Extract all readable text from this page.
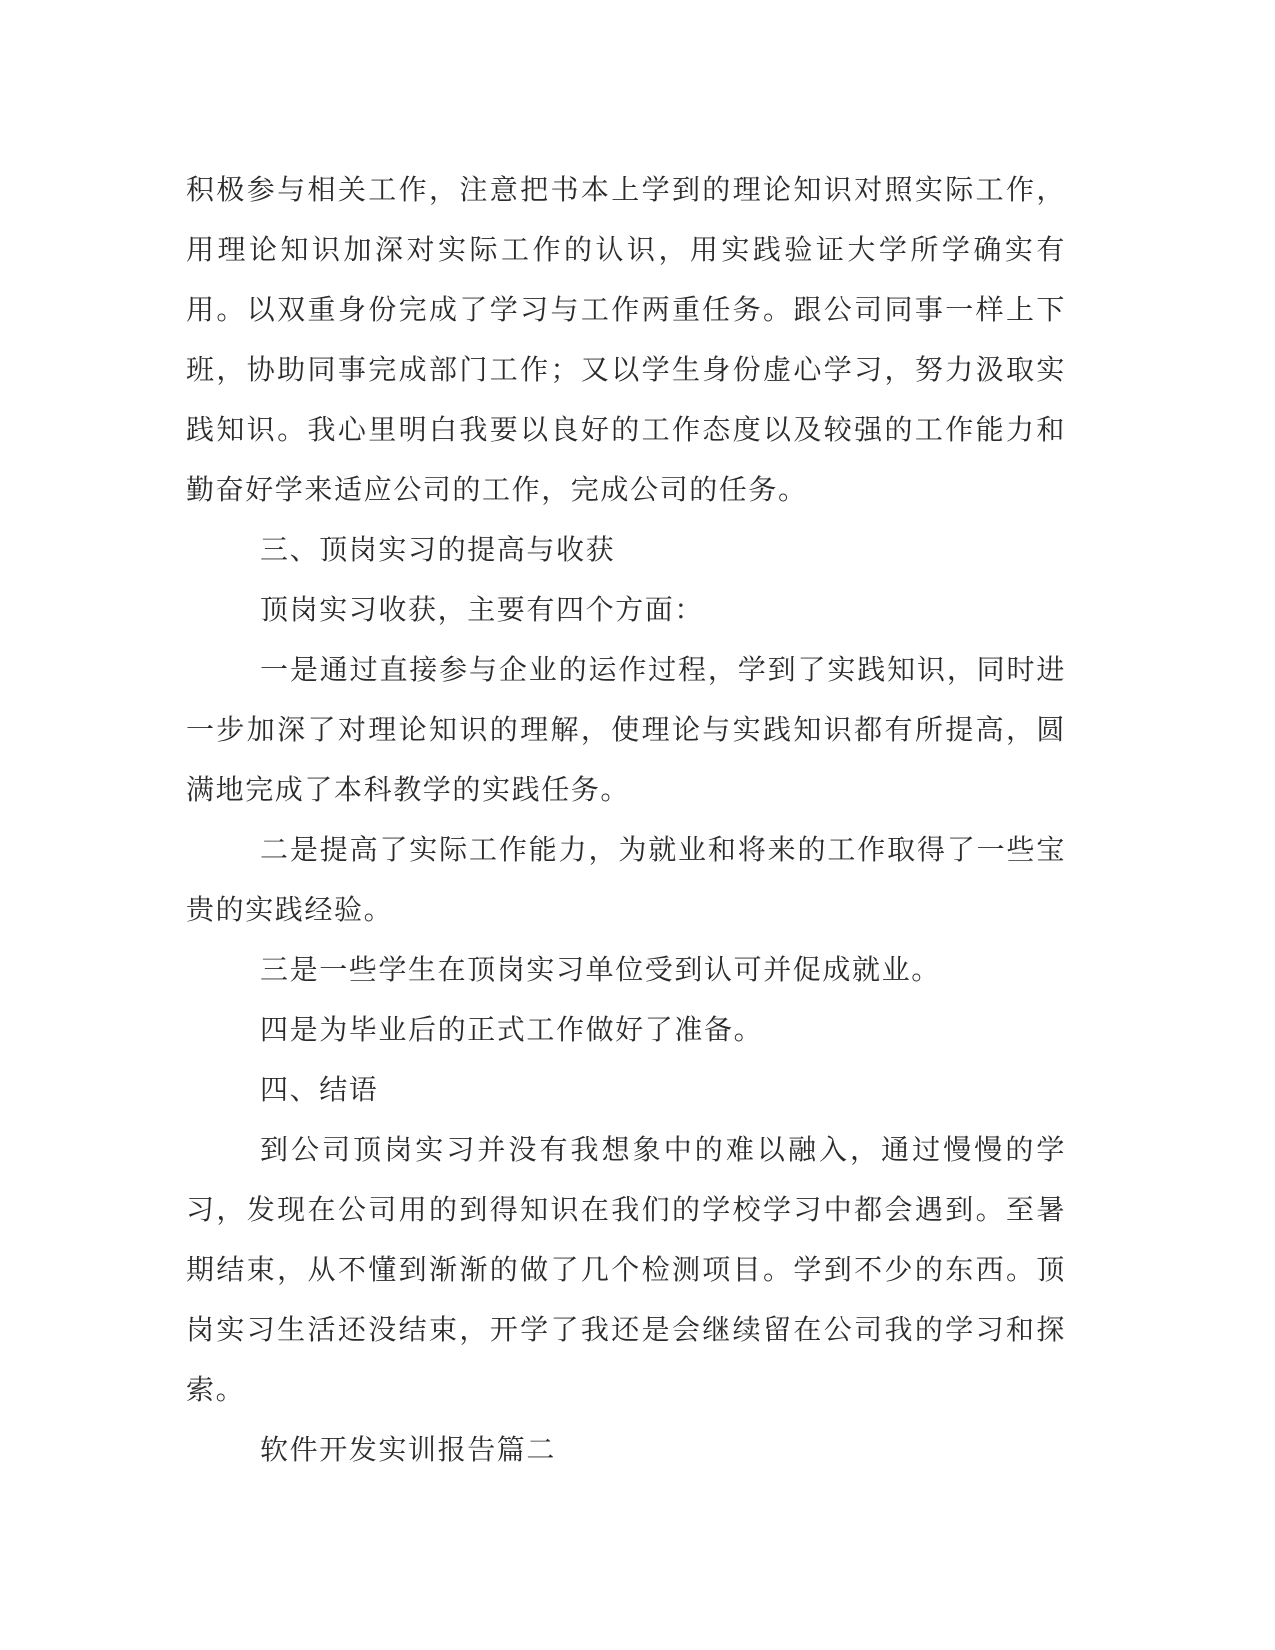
积极参与相关工作，注意把书本上学到的理论知识对照实际工作，用理论知识加深对实际工作的认识，用实践验证大学所学确实有用。以双重身份完成了学习与工作两重任务。跟公司同事一样上下班，协助同事完成部门工作；又以学生身份虚心学习，努力汲取实践知识。我心里明白我要以良好的工作态度以及较强的工作能力和勤奋好学来适应公司的工作，完成公司的任务。

三、顶岗实习的提高与收获

顶岗实习收获，主要有四个方面：

一是通过直接参与企业的运作过程，学到了实践知识，同时进一步加深了对理论知识的理解，使理论与实践知识都有所提高，圆满地完成了本科教学的实践任务。

二是提高了实际工作能力，为就业和将来的工作取得了一些宝贵的实践经验。

三是一些学生在顶岗实习单位受到认可并促成就业。

四是为毕业后的正式工作做好了准备。

四、结语

到公司顶岗实习并没有我想象中的难以融入，通过慢慢的学习，发现在公司用的到得知识在我们的学校学习中都会遇到。至暑期结束，从不懂到渐渐的做了几个检测项目。学到不少的东西。顶岗实习生活还没结束，开学了我还是会继续留在公司我的学习和探索。

软件开发实训报告篇二
